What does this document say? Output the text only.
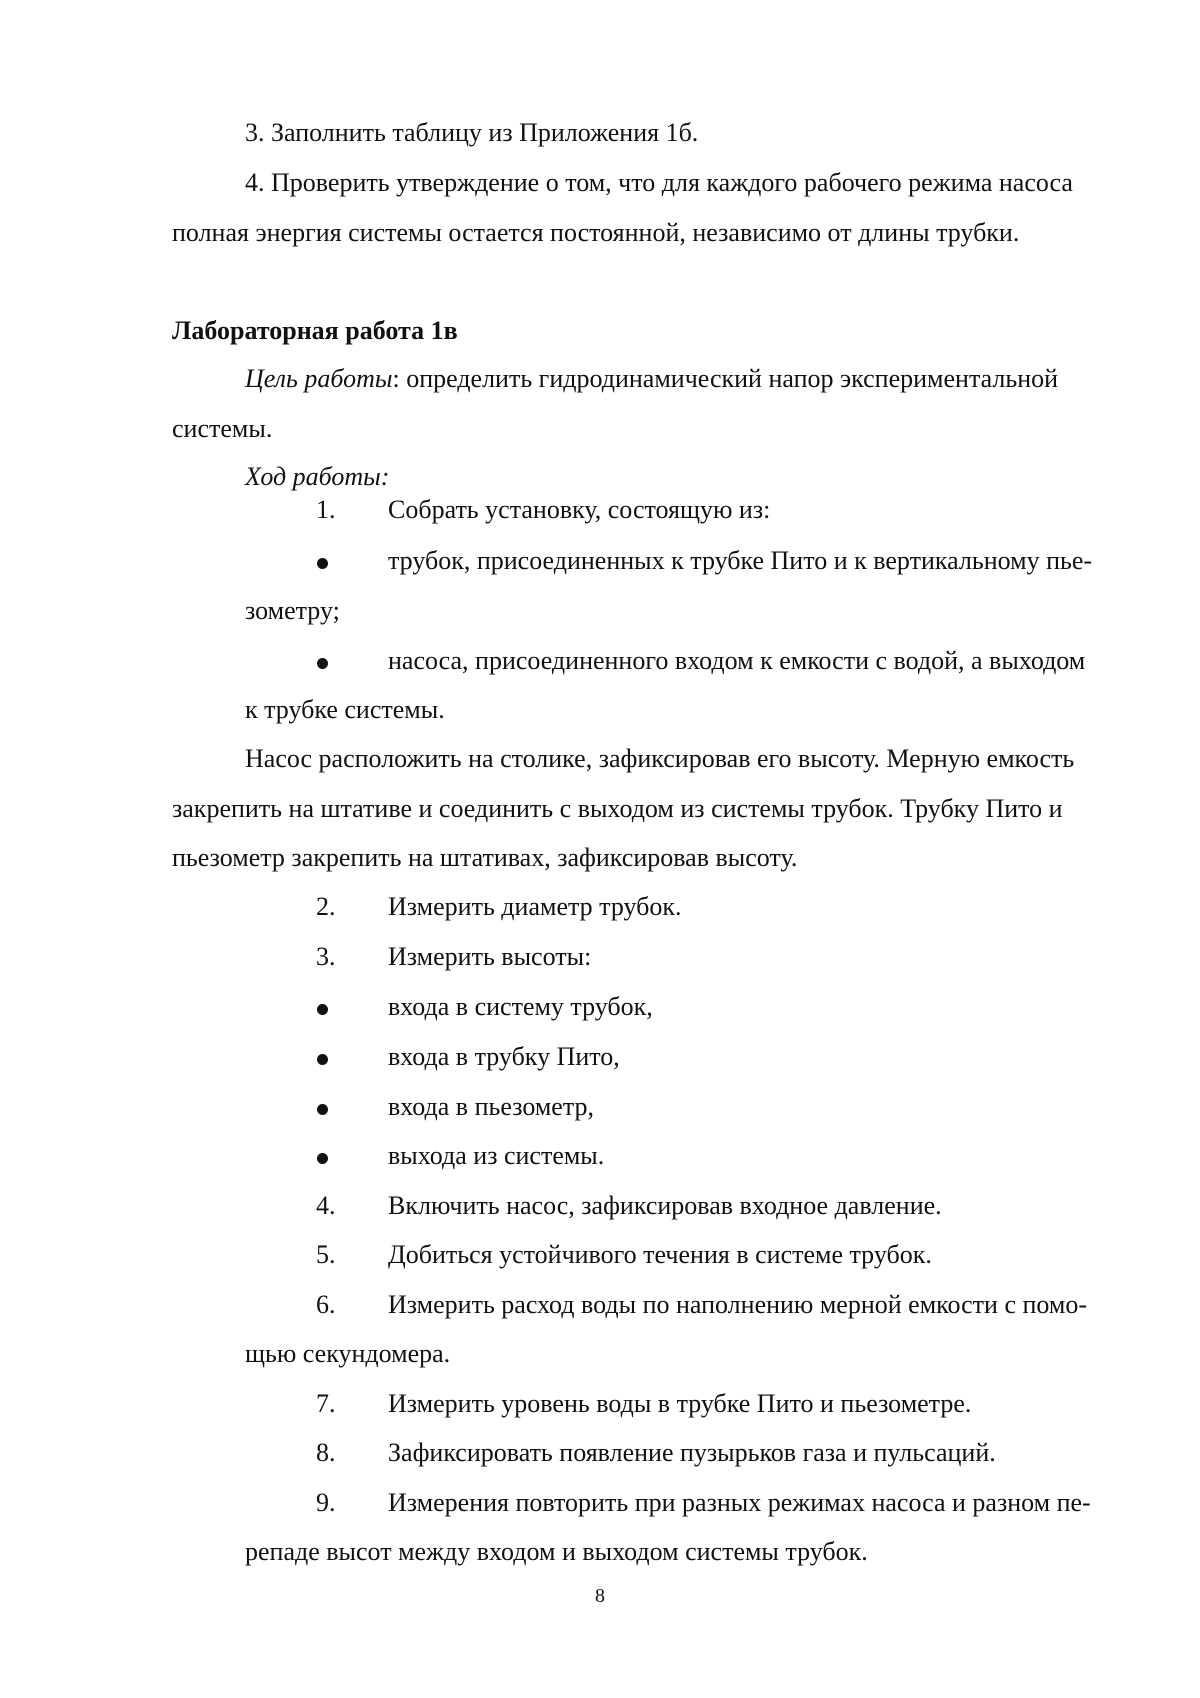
3. Заполнить таблицу из Приложения 1б.
4. Проверить утверждение о том, что для каждого рабочего режима насоса
полная энергия системы остается постоянной, независимо от длины трубки.
Лабораторная работа 1в
Цель работы: определить гидродинамический напор экспериментальной
системы.
Ход работы:
1. Собрать установку, состоящую из:
трубок, присоединенных к трубке Пито и к вертикальному пье-
зометру;
насоса, присоединенного входом к емкости с водой, а выходом
к трубке системы.
Насос расположить на столике, зафиксировав его высоту. Мерную емкость
закрепить на штативе и соединить с выходом из системы трубок. Трубку Пито и
пьезометр закрепить на штативах, зафиксировав высоту.
2. Измерить диаметр трубок.
3. Измерить высоты:
входа в систему трубок,
входа в трубку Пито,
входа в пьезометр,
выхода из системы.
4. Включить насос, зафиксировав входное давление.
5. Добиться устойчивого течения в системе трубок.
6. Измерить расход воды по наполнению мерной емкости с помо-
щью секундомера.
7. Измерить уровень воды в трубке Пито и пьезометре.
8. Зафиксировать появление пузырьков газа и пульсаций.
9. Измерения повторить при разных режимах насоса и разном пе-
репаде высот между входом и выходом системы трубок.
8
